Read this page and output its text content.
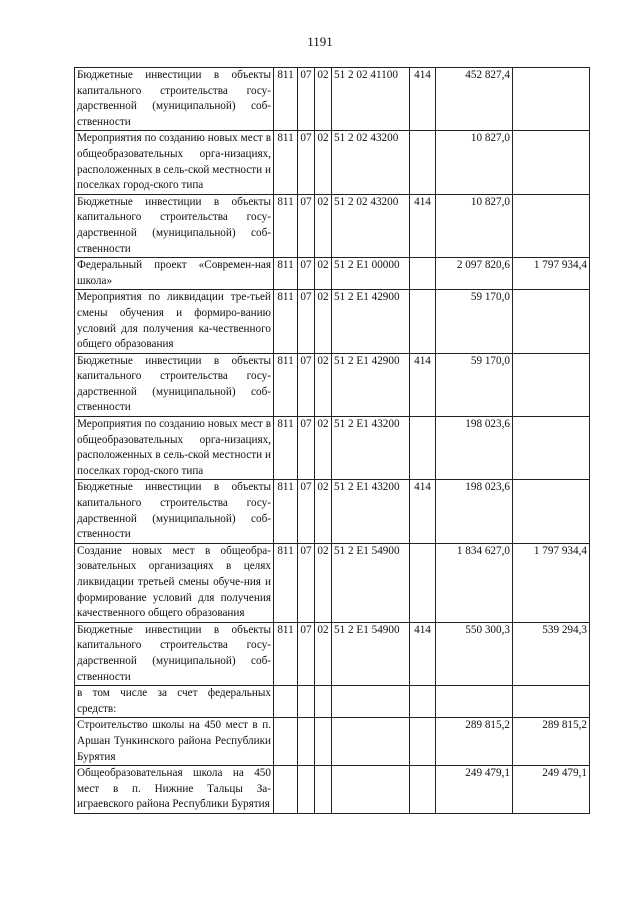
1191
Бюджетные инвестиции в объекты капитального строительства госу-дарственной (муниципальной) соб-ственности	811	07	02	51 2 02 41100	414	452 827,4	
Мероприятия по созданию новых мест в общеобразовательных орга-низациях, расположенных в сель-ской местности и поселках город-ского типа	811	07	02	51 2 02 43200		10 827,0	
Бюджетные инвестиции в объекты капитального строительства госу-дарственной (муниципальной) соб-ственности	811	07	02	51 2 02 43200	414	10 827,0	
Федеральный проект «Современ-ная школа»	811	07	02	51 2 E1 00000		2 097 820,6	1 797 934,4
Мероприятия по ликвидации тре-тьей смены обучения и формиро-ванию условий для получения ка-чественного общего образования	811	07	02	51 2 E1 42900		59 170,0	
Бюджетные инвестиции в объекты капитального строительства госу-дарственной (муниципальной) соб-ственности	811	07	02	51 2 E1 42900	414	59 170,0	
Мероприятия по созданию новых мест в общеобразовательных орга-низациях, расположенных в сель-ской местности и поселках город-ского типа	811	07	02	51 2 E1 43200		198 023,6	
Бюджетные инвестиции в объекты капитального строительства госу-дарственной (муниципальной) соб-ственности	811	07	02	51 2 E1 43200	414	198 023,6	
Создание новых мест в общеобра-зовательных организациях в целях ликвидации третьей смены обуче-ния и формирование условий для получения качественного общего образования	811	07	02	51 2 E1 54900		1 834 627,0	1 797 934,4
Бюджетные инвестиции в объекты капитального строительства госу-дарственной (муниципальной) соб-ственности	811	07	02	51 2 E1 54900	414	550 300,3	539 294,3
в том числе за счет федеральных средств:							
Строительство школы на 450 мест в п. Аршан Тункинского района Республики Бурятия						289 815,2	289 815,2
Общеобразовательная школа на 450 мест в п. Нижние Тальцы За-играевского района Республики Бурятия						249 479,1	249 479,1
